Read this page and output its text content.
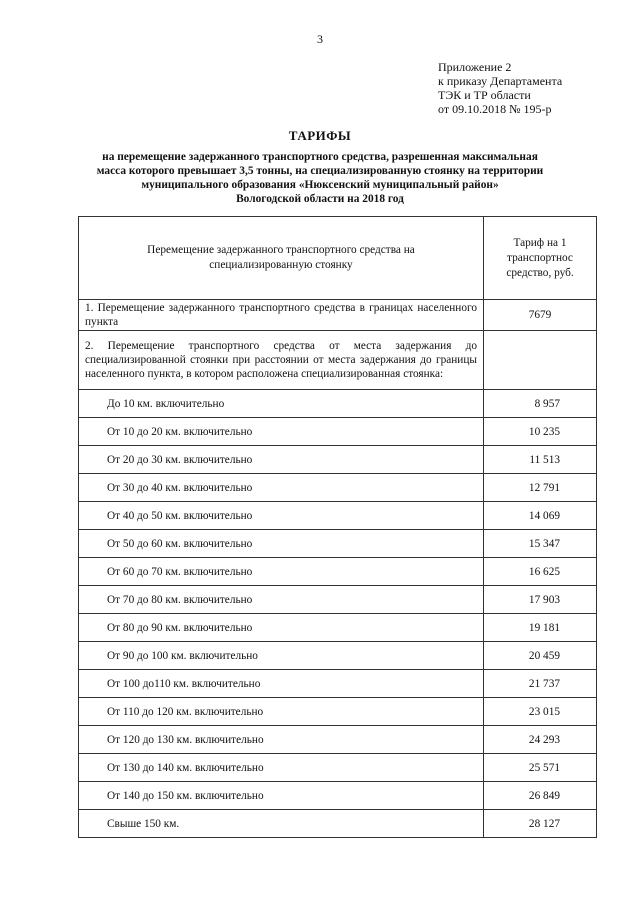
3
Приложение 2
к приказу Департамента
ТЭК и ТР области
от 09.10.2018 № 195-р
ТАРИФЫ
на перемещение задержанного транспортного средства, разрешенная максимальная
масса которого превышает 3,5 тонны, на специализированную стоянку на территории
муниципального образования «Нюксенский муниципальный район»
Вологодской области на 2018 год
Перемещение задержанного транспортного средства на специализированную стоянку	Тариф на 1 транспортнос средство, руб.
1. Перемещение задержанного транспортного средства в границах населенного пункта	7679
2. Перемещение транспортного средства от места задержания до специализированной стоянки при расстоянии от места задержания до границы населенного пункта, в котором расположена специализированная стоянка:	
До 10 км. включительно	8 957
От 10 до 20 км. включительно	10 235
От 20 до 30 км. включительно	11 513
От 30 до 40 км. включительно	12 791
От 40 до 50 км. включительно	14 069
От 50 до 60 км. включительно	15 347
От 60 до 70 км. включительно	16 625
От 70 до 80 км. включительно	17 903
От 80 до 90 км. включительно	19 181
От 90 до 100 км. включительно	20 459
От 100 до110 км. включительно	21 737
От 110 до 120 км. включительно	23 015
От 120 до 130 км. включительно	24 293
От 130 до 140 км. включительно	25 571
От 140 до 150 км. включительно	26 849
Свыше 150 км.	28 127
